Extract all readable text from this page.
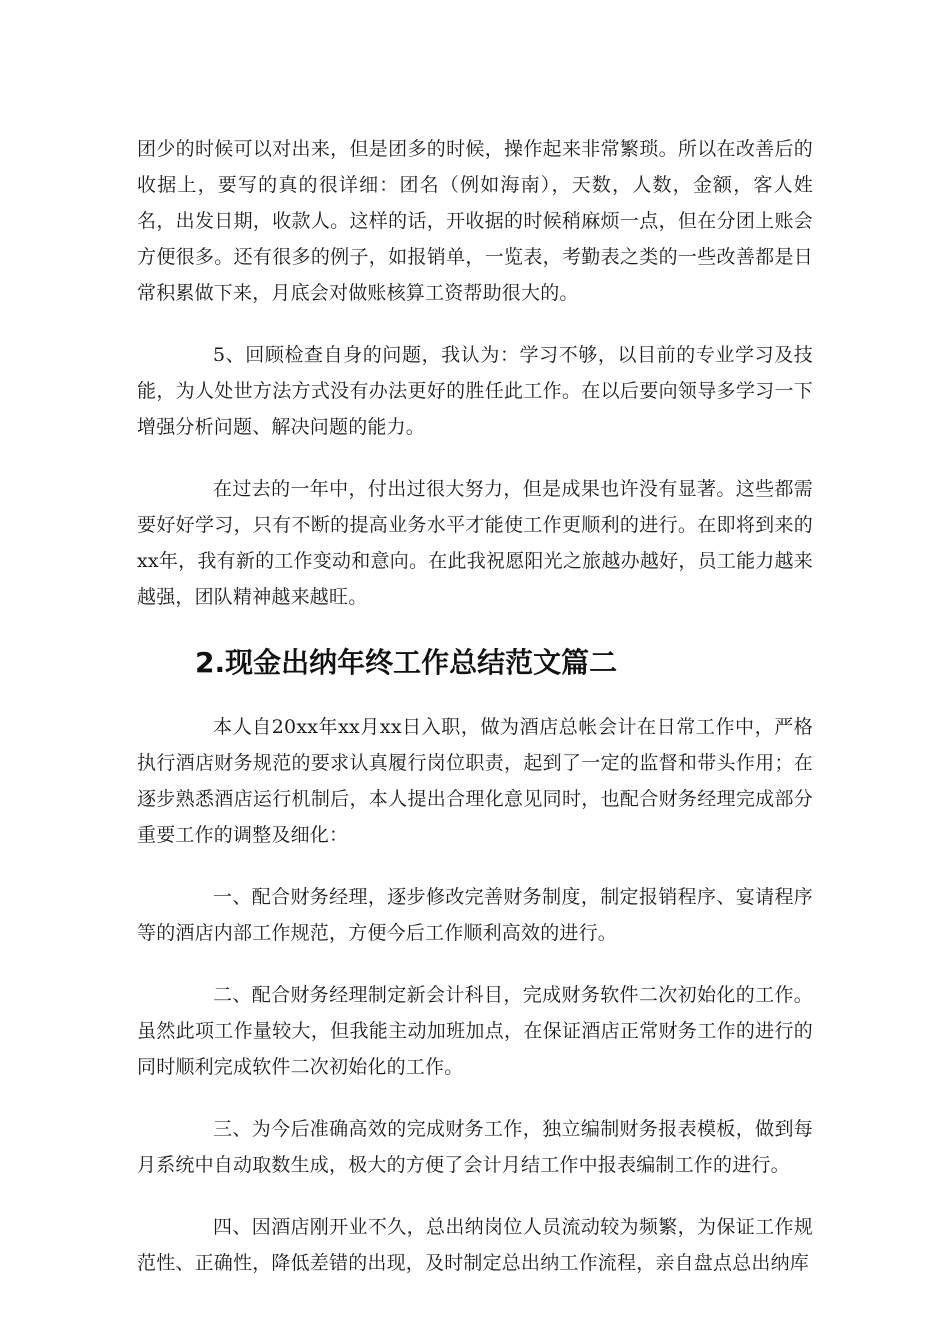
团少的时候可以对出来，但是团多的时候，操作起来非常繁琐。所以在改善后的收据上，要写的真的很详细：团名（例如海南），天数，人数，金额，客人姓名，出发日期，收款人。这样的话，开收据的时候稍麻烦一点，但在分团上账会方便很多。还有很多的例子，如报销单，一览表，考勤表之类的一些改善都是日常积累做下来，月底会对做账核算工资帮助很大的。

5、回顾检查自身的问题，我认为：学习不够，以目前的专业学习及技能，为人处世方法方式没有办法更好的胜任此工作。在以后要向领导多学习一下增强分析问题、解决问题的能力。

在过去的一年中，付出过很大努力，但是成果也许没有显著。这些都需要好好学习，只有不断的提高业务水平才能使工作更顺利的进行。在即将到来的xx年，我有新的工作变动和意向。在此我祝愿阳光之旅越办越好，员工能力越来越强，团队精神越来越旺。

2.现金出纳年终工作总结范文篇二

本人自20xx年xx月xx日入职，做为酒店总帐会计在日常工作中，严格执行酒店财务规范的要求认真履行岗位职责，起到了一定的监督和带头作用；在逐步熟悉酒店运行机制后，本人提出合理化意见同时，也配合财务经理完成部分重要工作的调整及细化：

一、配合财务经理，逐步修改完善财务制度，制定报销程序、宴请程序等的酒店内部工作规范，方便今后工作顺利高效的进行。

二、配合财务经理制定新会计科目，完成财务软件二次初始化的工作。虽然此项工作量较大，但我能主动加班加点，在保证酒店正常财务工作的进行的同时顺利完成软件二次初始化的工作。

三、为今后准确高效的完成财务工作，独立编制财务报表模板，做到每月系统中自动取数生成，极大的方便了会计月结工作中报表编制工作的进行。

四、因酒店刚开业不久，总出纳岗位人员流动较为频繁，为保证工作规范性、正确性，降低差错的出现，及时制定总出纳工作流程，亲自盘点总出纳库
